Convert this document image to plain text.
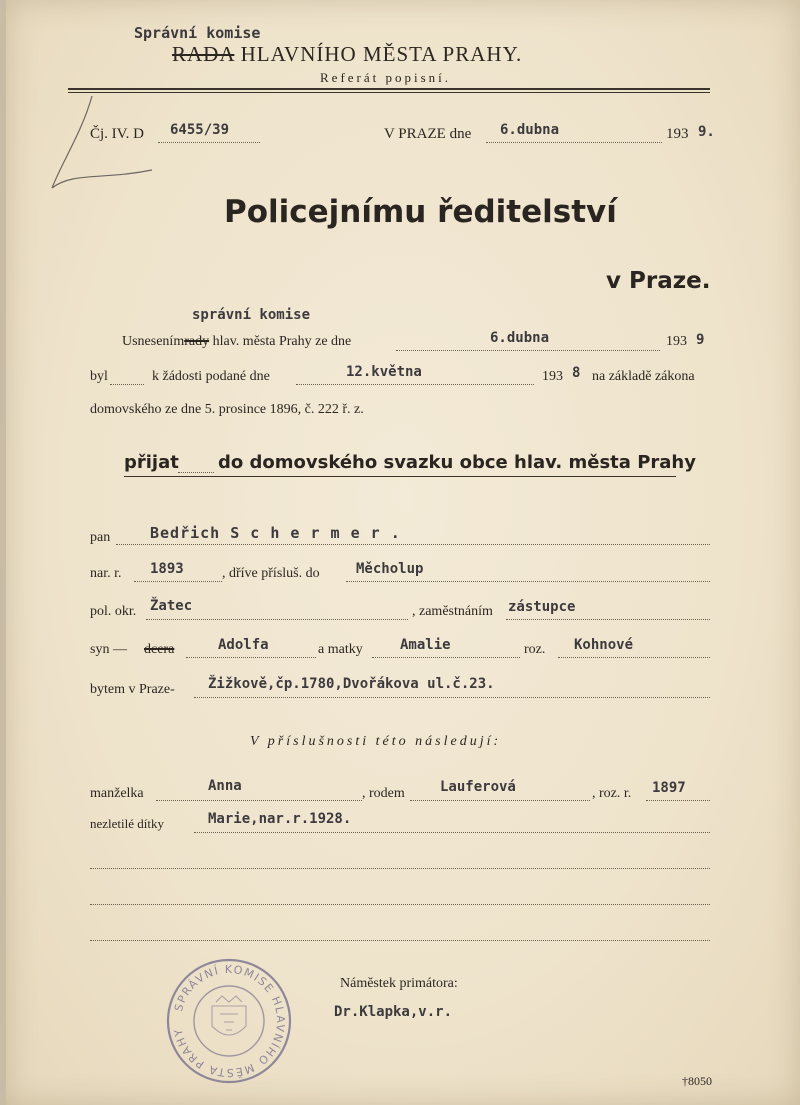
Správní komise
RADA HLAVNÍHO MĚSTA PRAHY.
Referát popisní.
Čj. IV. D 6455/39	V PRAZE dne 6.dubna	193 9.
Policejnímu ředitelství
v Praze.
správní komise
Usnesenímrady hlav. města Prahy ze dne	6.dubna	193 9
byl	k žádosti podané dne	12.května	193 8 na základě zákona
domovského ze dne 5. prosince 1896, č. 222 ř. z.
přijat do domovského svazku obce hlav. města Prahy
pan	Bedřich S c h e r m e r .
nar. r. 1893	, dříve přísluš. do	Měcholup
pol. okr. Žatec	, zaměstnáním zástupce
syn — dcera	Adolfa	a matky	Amalie	roz. Kohnové
bytem v Praze- Žižkově,čp.1780,Dvořákova ul.č.23.
V příslušnosti této následují:
manželka	Anna	, rodem	Lauferová	, roz. r. 1897
nezletilé dítky	Marie,nar.r.1928.
SPRÁVNÍ KOMISE HLAVNÍHO MĚSTA PRAHY
Náměstek primátora:
Dr.Klapka,v.r.
†8050
